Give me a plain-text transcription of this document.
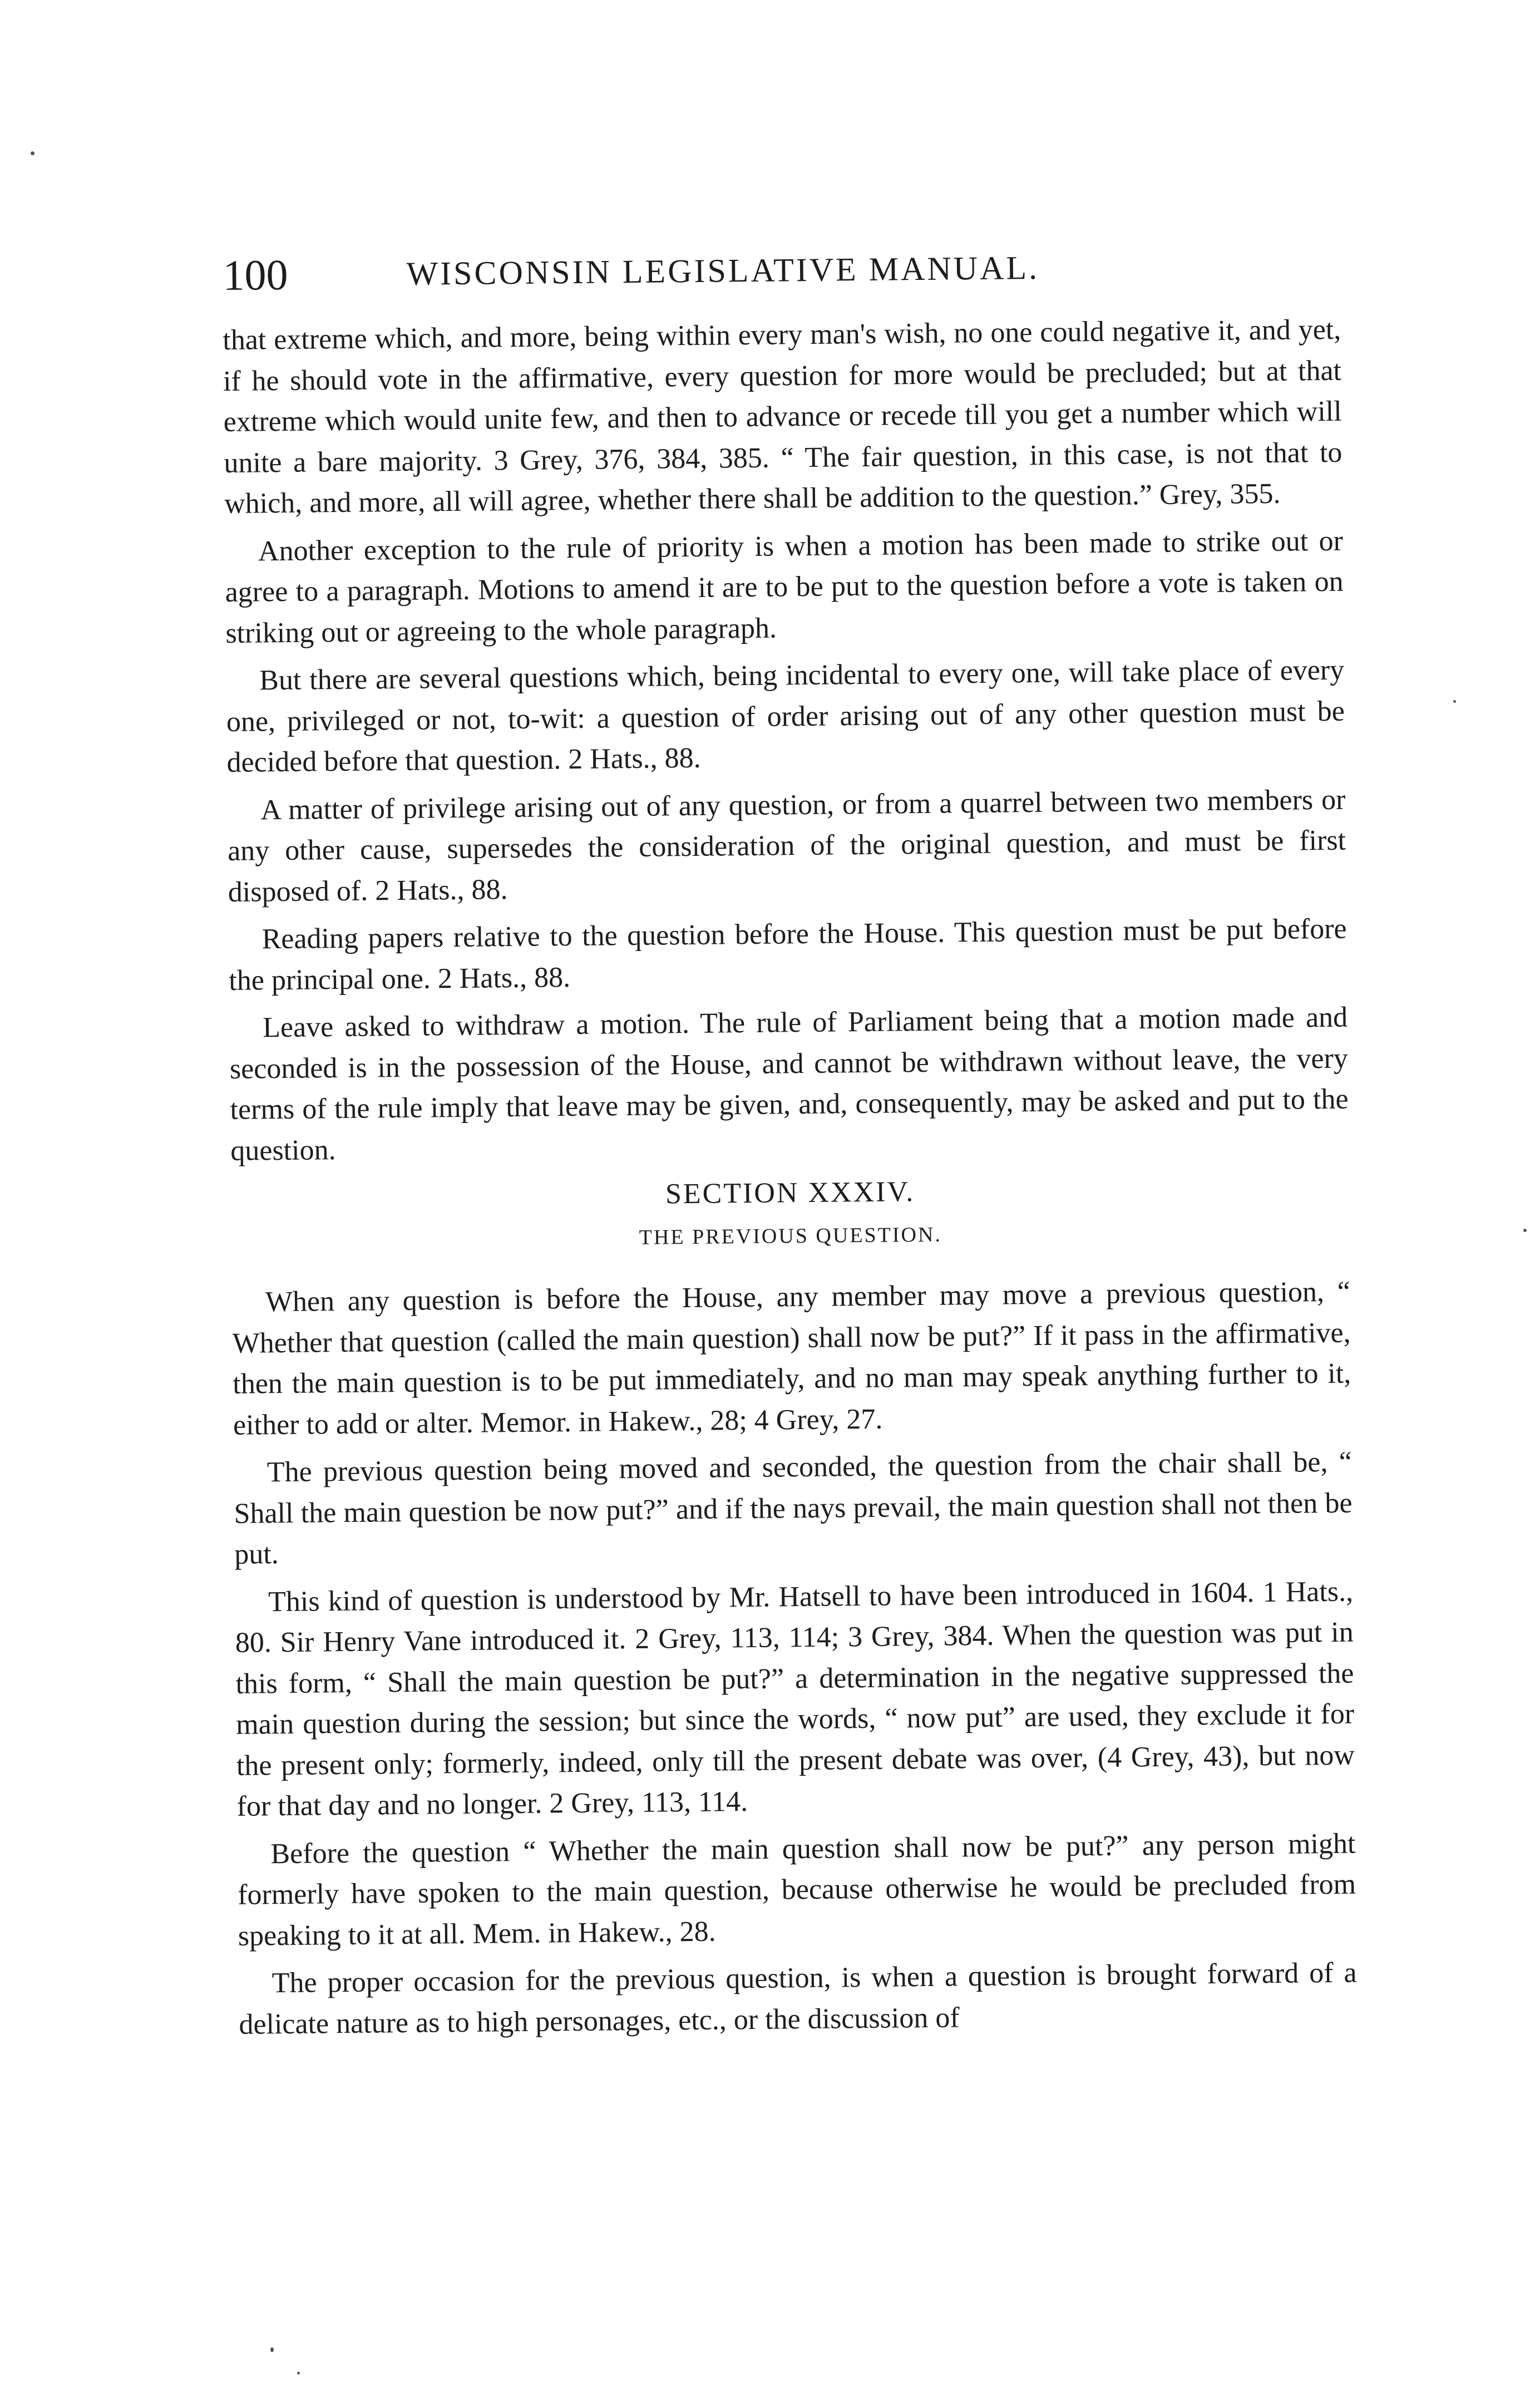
100	WISCONSIN LEGISLATIVE MANUAL.

that extreme which, and more, being within every man's wish, no one could negative it, and yet, if he should vote in the affirmative, every question for more would be precluded; but at that extreme which would unite few, and then to advance or recede till you get a number which will unite a bare majority. 3 Grey, 376, 384, 385. “ The fair question, in this case, is not that to which, and more, all will agree, whether there shall be addition to the question.” Grey, 355.

Another exception to the rule of priority is when a motion has been made to strike out or agree to a paragraph. Motions to amend it are to be put to the question before a vote is taken on striking out or agreeing to the whole paragraph.

But there are several questions which, being incidental to every one, will take place of every one, privileged or not, to-wit: a question of order arising out of any other question must be decided before that question. 2 Hats., 88.

A matter of privilege arising out of any question, or from a quarrel between two members or any other cause, supersedes the consideration of the original question, and must be first disposed of. 2 Hats., 88.

Reading papers relative to the question before the House. This question must be put before the principal one. 2 Hats., 88.

Leave asked to withdraw a motion. The rule of Parliament being that a motion made and seconded is in the possession of the House, and cannot be withdrawn without leave, the very terms of the rule imply that leave may be given, and, consequently, may be asked and put to the question.

SECTION XXXIV.
THE PREVIOUS QUESTION.

When any question is before the House, any member may move a previous question, “ Whether that question (called the main question) shall now be put?” If it pass in the affirmative, then the main question is to be put immediately, and no man may speak anything further to it, either to add or alter. Memor. in Hakew., 28; 4 Grey, 27.

The previous question being moved and seconded, the question from the chair shall be, “ Shall the main question be now put?” and if the nays prevail, the main question shall not then be put.

This kind of question is understood by Mr. Hatsell to have been introduced in 1604. 1 Hats., 80. Sir Henry Vane introduced it. 2 Grey, 113, 114; 3 Grey, 384. When the question was put in this form, “ Shall the main question be put?” a determination in the negative suppressed the main question during the session; but since the words, “ now put” are used, they exclude it for the present only; formerly, indeed, only till the present debate was over, (4 Grey, 43), but now for that day and no longer. 2 Grey, 113, 114.

Before the question “ Whether the main question shall now be put?” any person might formerly have spoken to the main question, because otherwise he would be precluded from speaking to it at all. Mem. in Hakew., 28.

The proper occasion for the previous question, is when a question is brought forward of a delicate nature as to high personages, etc., or the discussion of
